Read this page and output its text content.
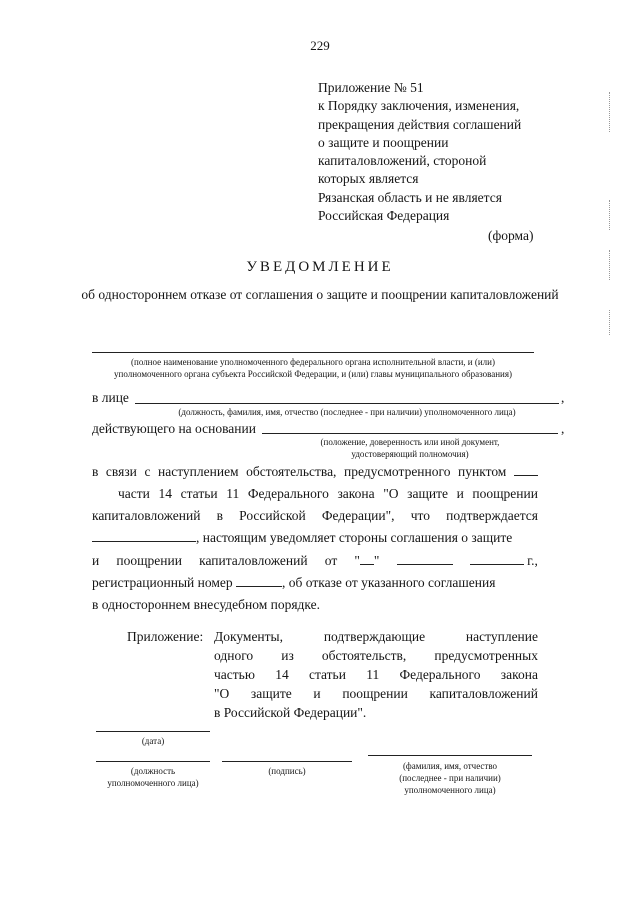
229
Приложение № 51
к Порядку заключения, изменения,
прекращения действия соглашений
о защите и поощрении
капиталовложений, стороной
которых является
Рязанская область и не является
Российская Федерация
(форма)
УВЕДОМЛЕНИЕ
об одностороннем отказе от соглашения о защите и поощрении капиталовложений
(полное наименование уполномоченного федерального органа исполнительной власти, и (или)
уполномоченного органа субъекта Российской Федерации, и (или) главы муниципального образования)
в лице	,
(должность, фамилия, имя, отчество (последнее - при наличии) уполномоченного лица)
действующего на основании	,
(положение, доверенность или иной документ,
удостоверяющий полномочия)
в связи с наступлением обстоятельства, предусмотренного пунктом
части 14 статьи 11 Федерального закона "О защите и поощрении
капиталовложений в Российской Федерации", что подтверждается
, настоящим уведомляет стороны соглашения о защите
и поощрении капиталовложений от " "	г.,
регистрационный номер	, об отказе от указанного соглашения
в одностороннем внесудебном порядке.
Приложение: Документы,	подтверждающие	наступление
одного из обстоятельств, предусмотренных
частью 14 статьи 11 Федерального закона
"О защите и поощрении капиталовложений
в Российской Федерации".
(дата)
(должность
уполномоченного лица)
(подпись)	(фамилия, имя, отчество
(последнее - при наличии)
уполномоченного лица)
